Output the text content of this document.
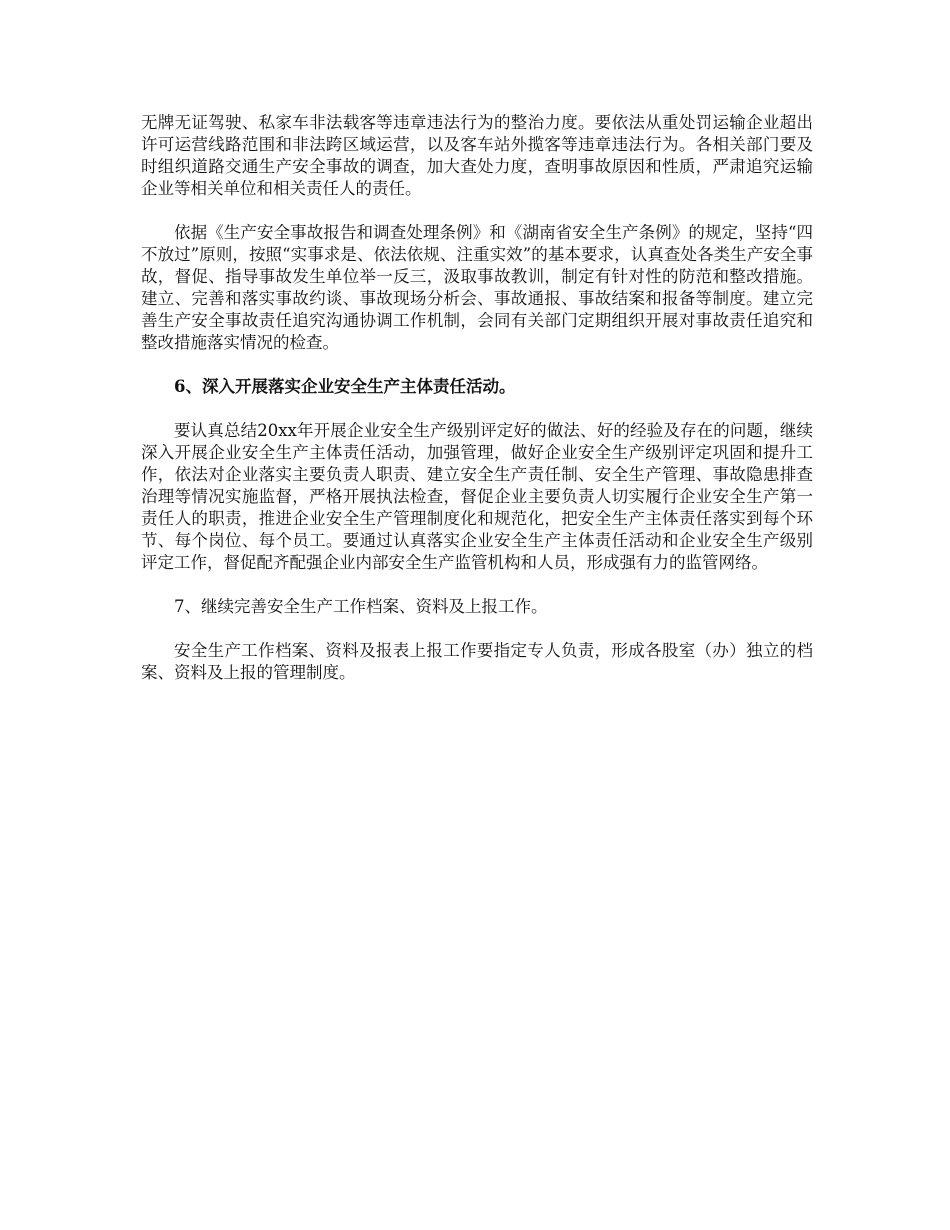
无牌无证驾驶、私家车非法载客等违章违法行为的整治力度。要依法从重处罚运输企业超出许可运营线路范围和非法跨区域运营，以及客车站外揽客等违章违法行为。各相关部门要及时组织道路交通生产安全事故的调查，加大查处力度，查明事故原因和性质，严肃追究运输企业等相关单位和相关责任人的责任。

依据《生产安全事故报告和调查处理条例》和《湖南省安全生产条例》的规定，坚持“四不放过”原则，按照“实事求是、依法依规、注重实效”的基本要求，认真查处各类生产安全事故，督促、指导事故发生单位举一反三，汲取事故教训，制定有针对性的防范和整改措施。建立、完善和落实事故约谈、事故现场分析会、事故通报、事故结案和报备等制度。建立完善生产安全事故责任追究沟通协调工作机制，会同有关部门定期组织开展对事故责任追究和整改措施落实情况的检查。

6、深入开展落实企业安全生产主体责任活动。

要认真总结20xx年开展企业安全生产级别评定好的做法、好的经验及存在的问题，继续深入开展企业安全生产主体责任活动，加强管理，做好企业安全生产级别评定巩固和提升工作，依法对企业落实主要负责人职责、建立安全生产责任制、安全生产管理、事故隐患排查治理等情况实施监督，严格开展执法检查，督促企业主要负责人切实履行企业安全生产第一责任人的职责，推进企业安全生产管理制度化和规范化，把安全生产主体责任落实到每个环节、每个岗位、每个员工。要通过认真落实企业安全生产主体责任活动和企业安全生产级别评定工作，督促配齐配强企业内部安全生产监管机构和人员，形成强有力的监管网络。

7、继续完善安全生产工作档案、资料及上报工作。

安全生产工作档案、资料及报表上报工作要指定专人负责，形成各股室（办）独立的档案、资料及上报的管理制度。
